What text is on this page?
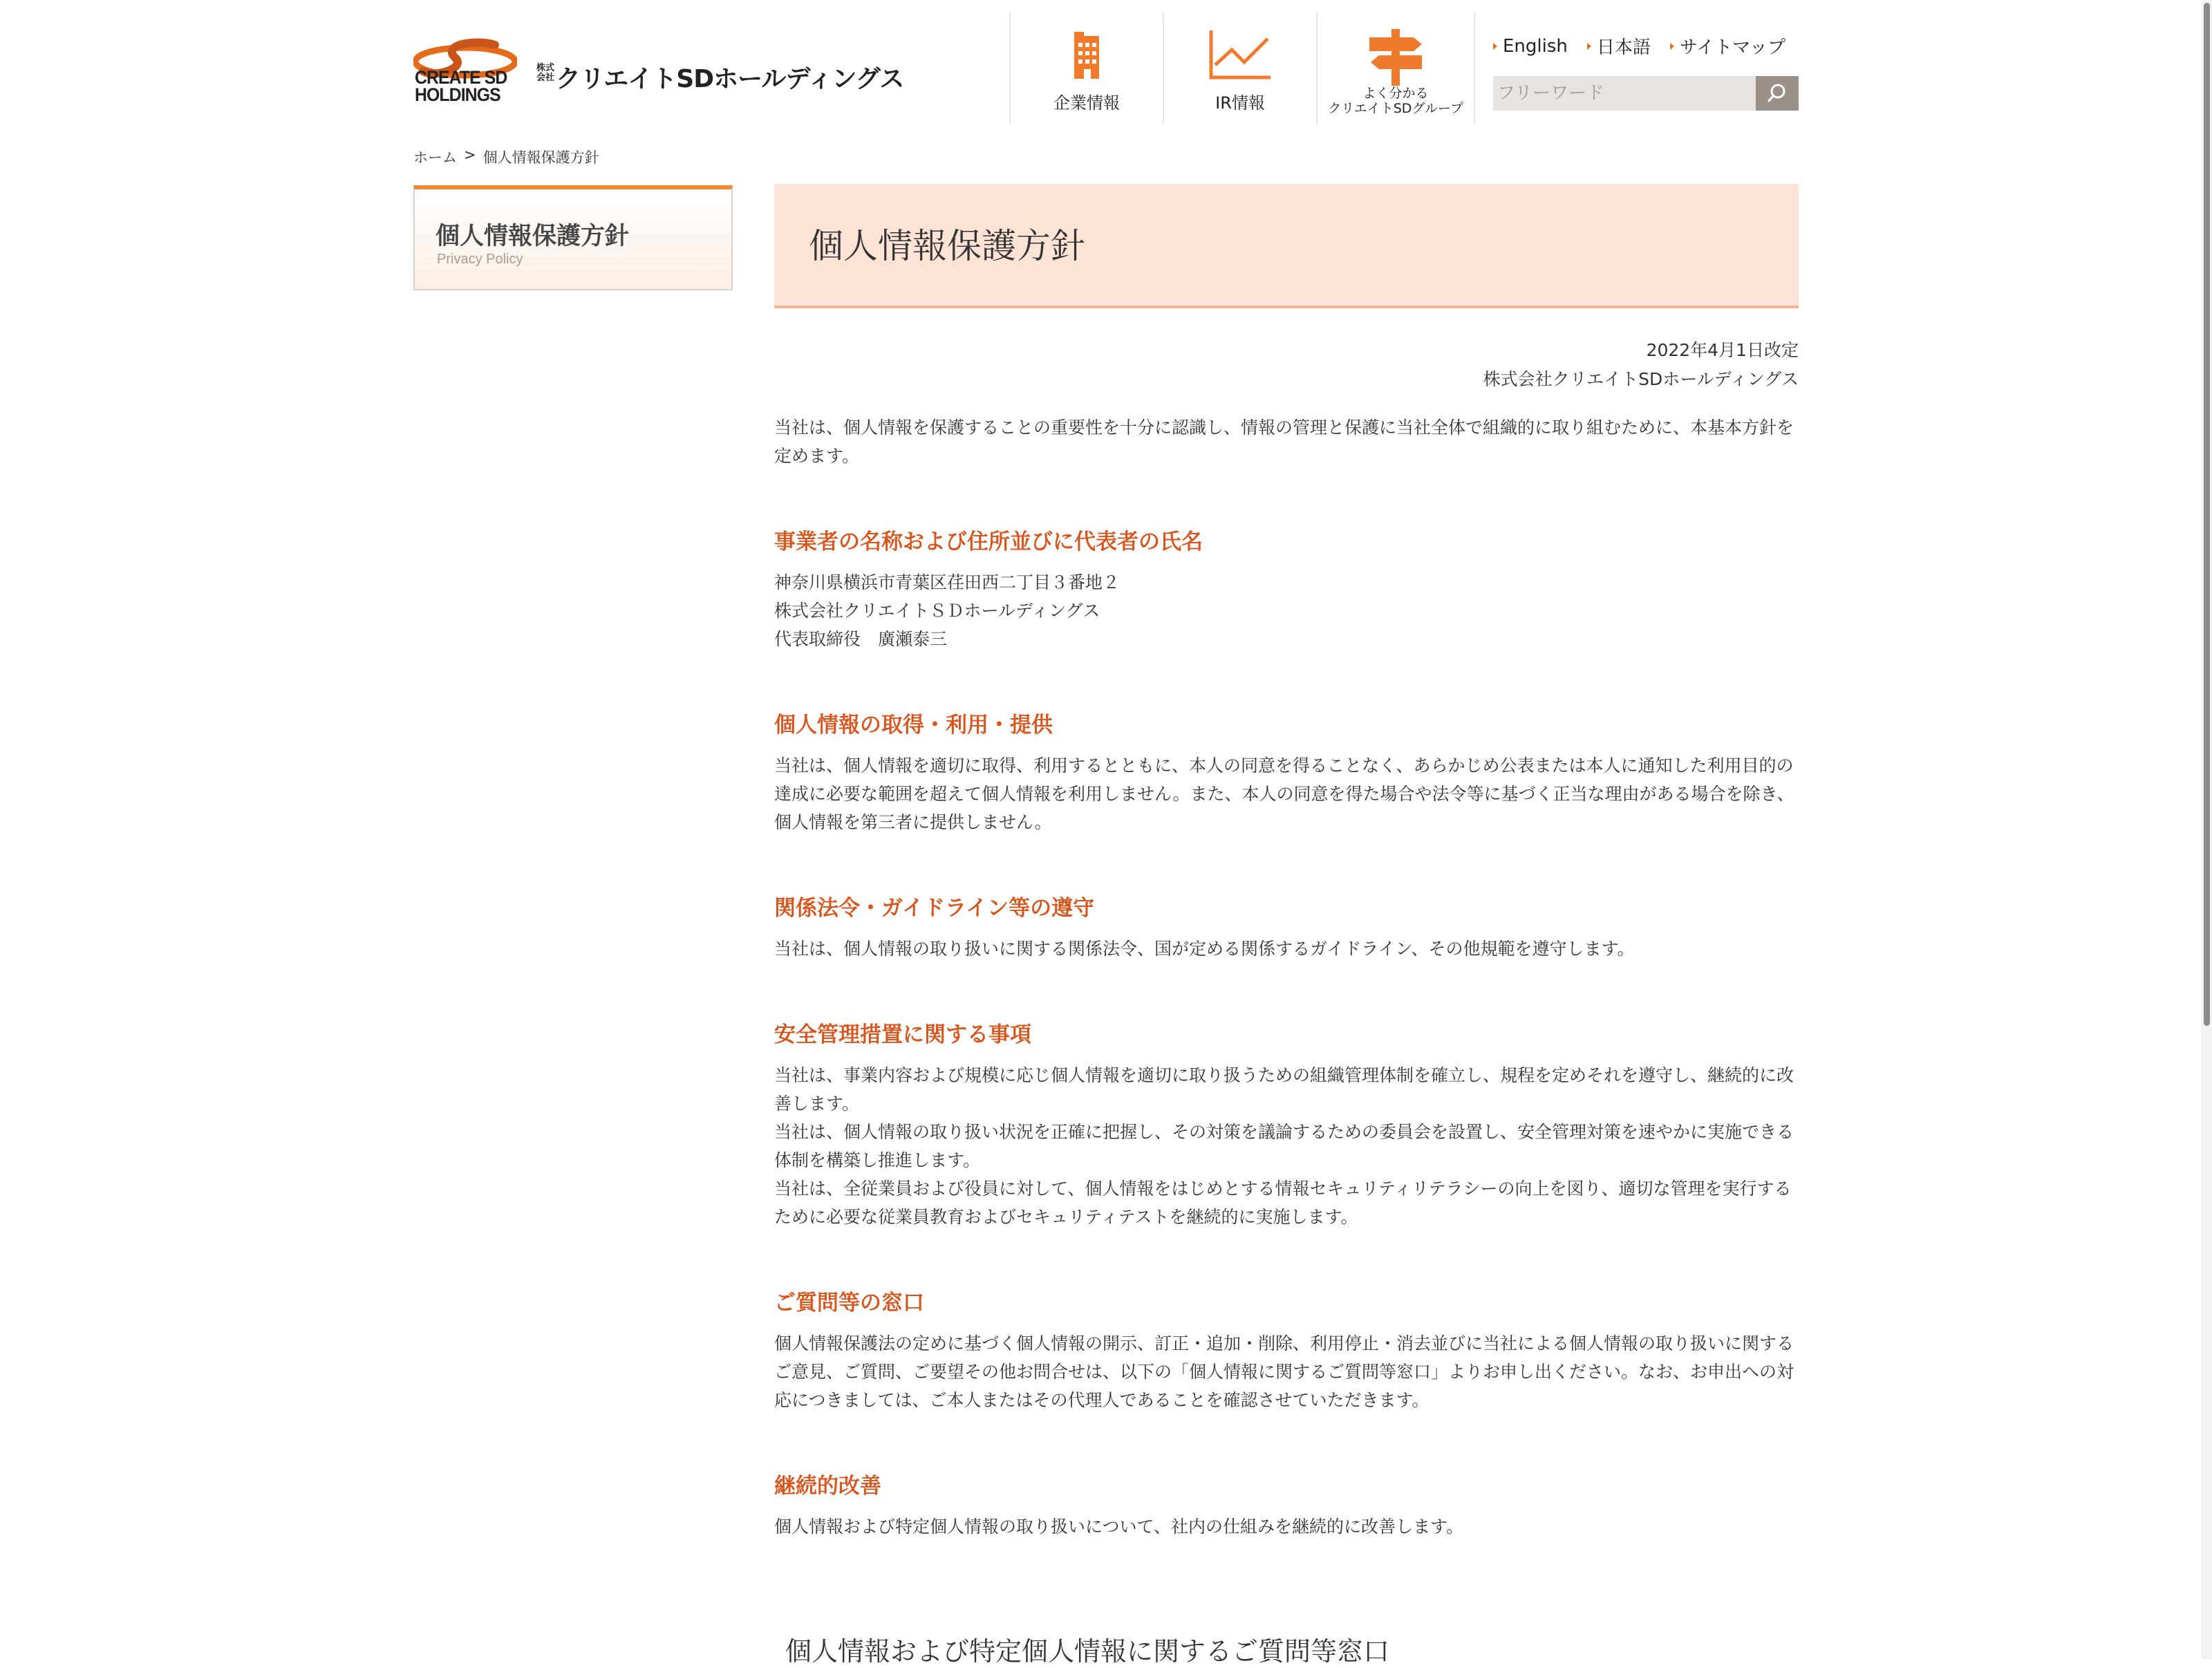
CREATE SD
HOLDINGS
株式会社 クリエイトSDホールディングス
企業情報	IR情報	よく分かる
クリエイトSDグループ
English 日本語 サイトマップ
フリーワード
ホーム > 個人情報保護方針
個人情報保護方針
Privacy Policy	個人情報保護方針
2022年4月1日改定
株式会社クリエイトSDホールディングス

当社は、個人情報を保護することの重要性を十分に認識し、情報の管理と保護に当社全体で組織的に取り組むために、本基本方針を定めます。

事業者の名称および住所並びに代表者の氏名

神奈川県横浜市青葉区荏田西二丁目３番地２

株式会社クリエイトＳＤホールディングス

代表取締役　廣瀬泰三

個人情報の取得・利用・提供

当社は、個人情報を適切に取得、利用するとともに、本人の同意を得ることなく、あらかじめ公表または本人に通知した利用目的の達成に必要な範囲を超えて個人情報を利用しません。また、本人の同意を得た場合や法令等に基づく正当な理由がある場合を除き、個人情報を第三者に提供しません。

関係法令・ガイドライン等の遵守

当社は、個人情報の取り扱いに関する関係法令、国が定める関係するガイドライン、その他規範を遵守します。

安全管理措置に関する事項

当社は、事業内容および規模に応じ個人情報を適切に取り扱うための組織管理体制を確立し、規程を定めそれを遵守し、継続的に改善します。

当社は、個人情報の取り扱い状況を正確に把握し、その対策を議論するための委員会を設置し、安全管理対策を速やかに実施できる体制を構築し推進します。

当社は、全従業員および役員に対して、個人情報をはじめとする情報セキュリティリテラシーの向上を図り、適切な管理を実行するために必要な従業員教育およびセキュリティテストを継続的に実施します。

ご質問等の窓口

個人情報保護法の定めに基づく個人情報の開示、訂正・追加・削除、利用停止・消去並びに当社による個人情報の取り扱いに関するご意見、ご質問、ご要望その他お問合せは、以下の「個人情報に関するご質問等窓口」よりお申し出ください。なお、お申出への対応につきましては、ご本人またはその代理人であることを確認させていただきます。

継続的改善

個人情報および特定個人情報の取り扱いについて、社内の仕組みを継続的に改善します。

個人情報および特定個人情報に関するご質問等窓口
